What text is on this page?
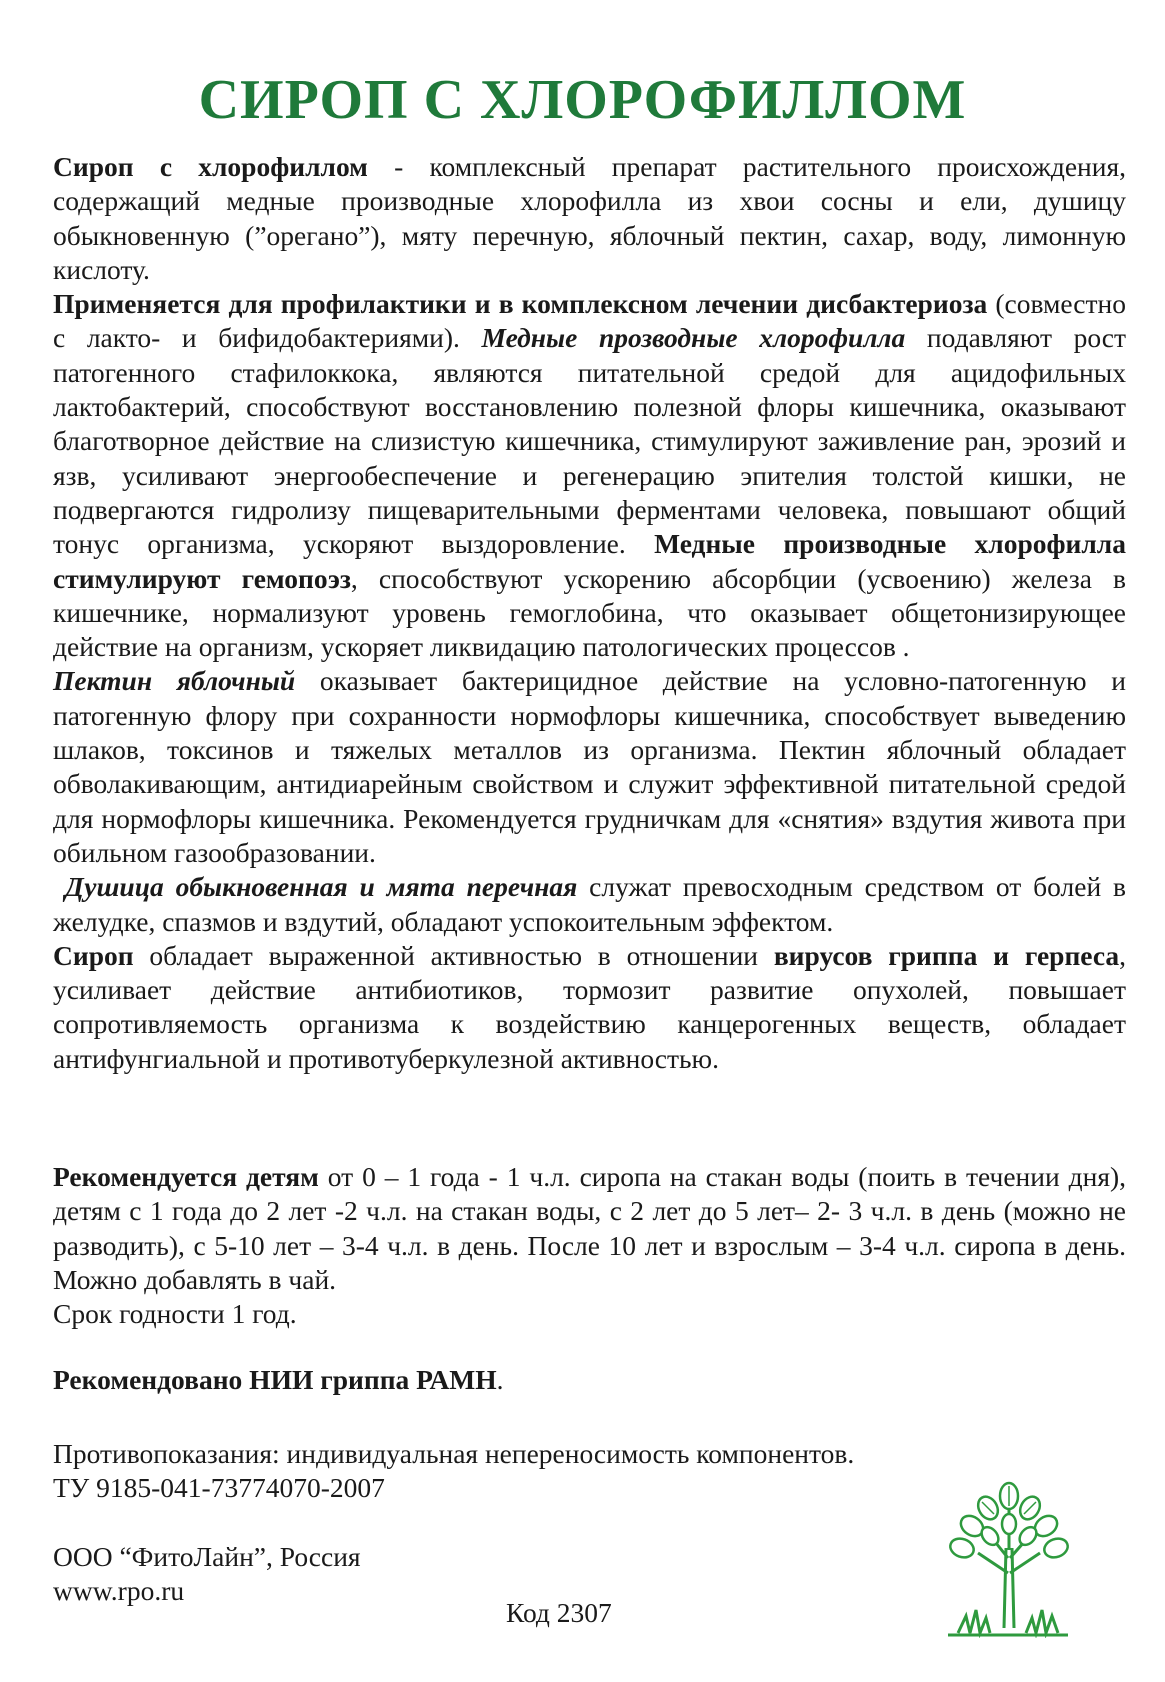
СИРОП С ХЛОРОФИЛЛОМ

Сироп с хлорофиллом - комплексный препарат растительного происхождения, содержащий медные производные хлорофилла из хвои сосны и ели, душицу обыкновенную (”орегано”), мяту перечную, яблочный пектин, сахар, воду, лимонную кислоту.

Применяется для профилактики и в комплексном лечении дисбактериоза (совместно с лакто- и бифидобактериями). Медные прозводные хлорофилла подавляют рост патогенного стафилоккока, являются питательной средой для ацидофильных лактобактерий, способствуют восстановлению полезной флоры кишечника, оказывают благотворное действие на слизистую кишечника, стимулируют заживление ран, эрозий и язв, усиливают энергообеспечение и регенерацию эпителия толстой кишки, не подвергаются гидролизу пищеварительными ферментами человека, повышают общий тонус организма, ускоряют выздоровление. Медные производные хлорофилла стимулируют гемопоэз, способствуют ускорению абсорбции (усвоению) железа в кишечнике, нормализуют уровень гемоглобина, что оказывает общетонизирующее действие на организм, ускоряет ликвидацию патологических процессов .

Пектин яблочный оказывает бактерицидное действие на условно-патогенную и патогенную флору при сохранности нормофлоры кишечника, способствует выведению шлаков, токсинов и тяжелых металлов из организма. Пектин яблочный обладает обволакивающим, антидиарейным свойством и служит эффективной питательной средой для нормофлоры кишечника. Рекомендуется грудничкам для «снятия» вздутия живота при обильном газообразовании.

Душица обыкновенная и мята перечная служат превосходным средством от болей в желудке, спазмов и вздутий, обладают успокоительным эффектом.

Сироп обладает выраженной активностью в отношении вирусов гриппа и герпеса, усиливает действие антибиотиков, тормозит развитие опухолей, повышает сопротивляемость организма к воздействию канцерогенных веществ, обладает антифунгиальной и противотуберкулезной активностью.

Рекомендуется детям от 0 – 1 года - 1 ч.л. сиропа на стакан воды (поить в течении дня), детям с 1 года до 2 лет -2 ч.л. на стакан воды, с 2 лет до 5 лет– 2- 3 ч.л. в день (можно не разводить), с 5-10 лет – 3-4 ч.л. в день. После 10 лет и взрослым – 3-4 ч.л. сиропа в день. Можно добавлять в чай.

Срок годности 1 год.

Рекомендовано НИИ гриппа РАМН.

Противопоказания: индивидуальная непереносимость компонентов.

ТУ 9185-041-73774070-2007

ООО “ФитоЛайн”, Россия

www.rpo.ru

Код 2307
